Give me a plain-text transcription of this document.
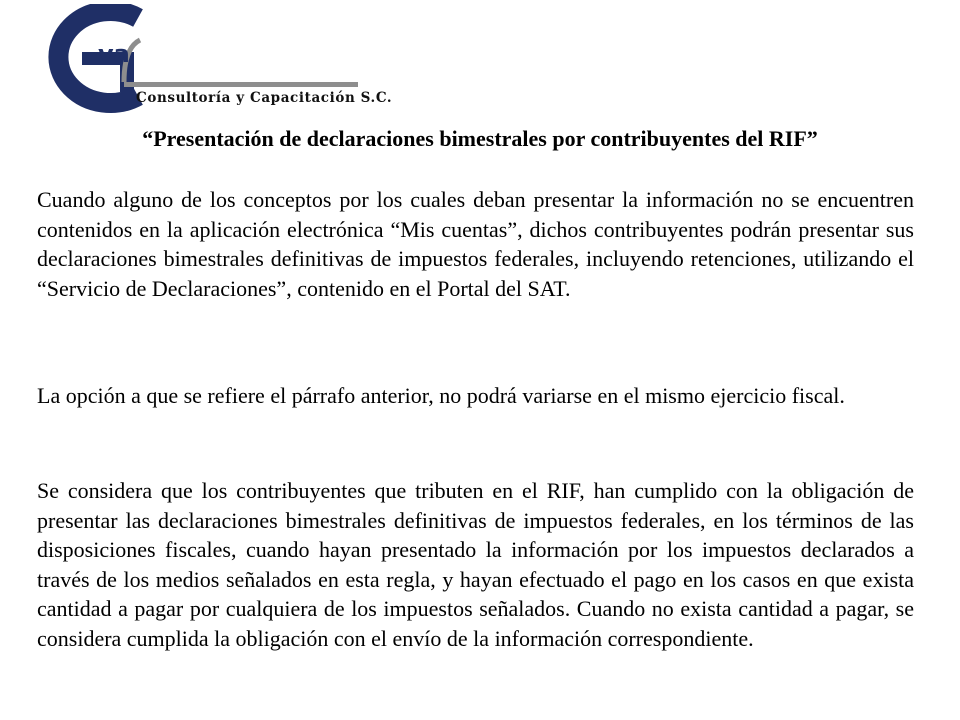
va
Consultoría y Capacitación S.C.
“Presentación de declaraciones bimestrales por contribuyentes del RIF”

Cuando alguno de los conceptos por los cuales deban presentar la información no se encuentren contenidos en la aplicación electrónica “Mis cuentas”, dichos contribuyentes podrán presentar sus declaraciones bimestrales definitivas de impuestos federales, incluyendo retenciones, utilizando el “Servicio de Declaraciones”, contenido en el Portal del SAT.

La opción a que se refiere el párrafo anterior, no podrá variarse en el mismo ejercicio fiscal.

Se considera que los contribuyentes que tributen en el RIF, han cumplido con la obligación de presentar las declaraciones bimestrales definitivas de impuestos federales, en los términos de las disposiciones fiscales, cuando hayan presentado la información por los impuestos declarados a través de los medios señalados en esta regla, y hayan efectuado el pago en los casos en que exista cantidad a pagar por cualquiera de los impuestos señalados. Cuando no exista cantidad a pagar, se considera cumplida la obligación con el envío de la información correspondiente.
